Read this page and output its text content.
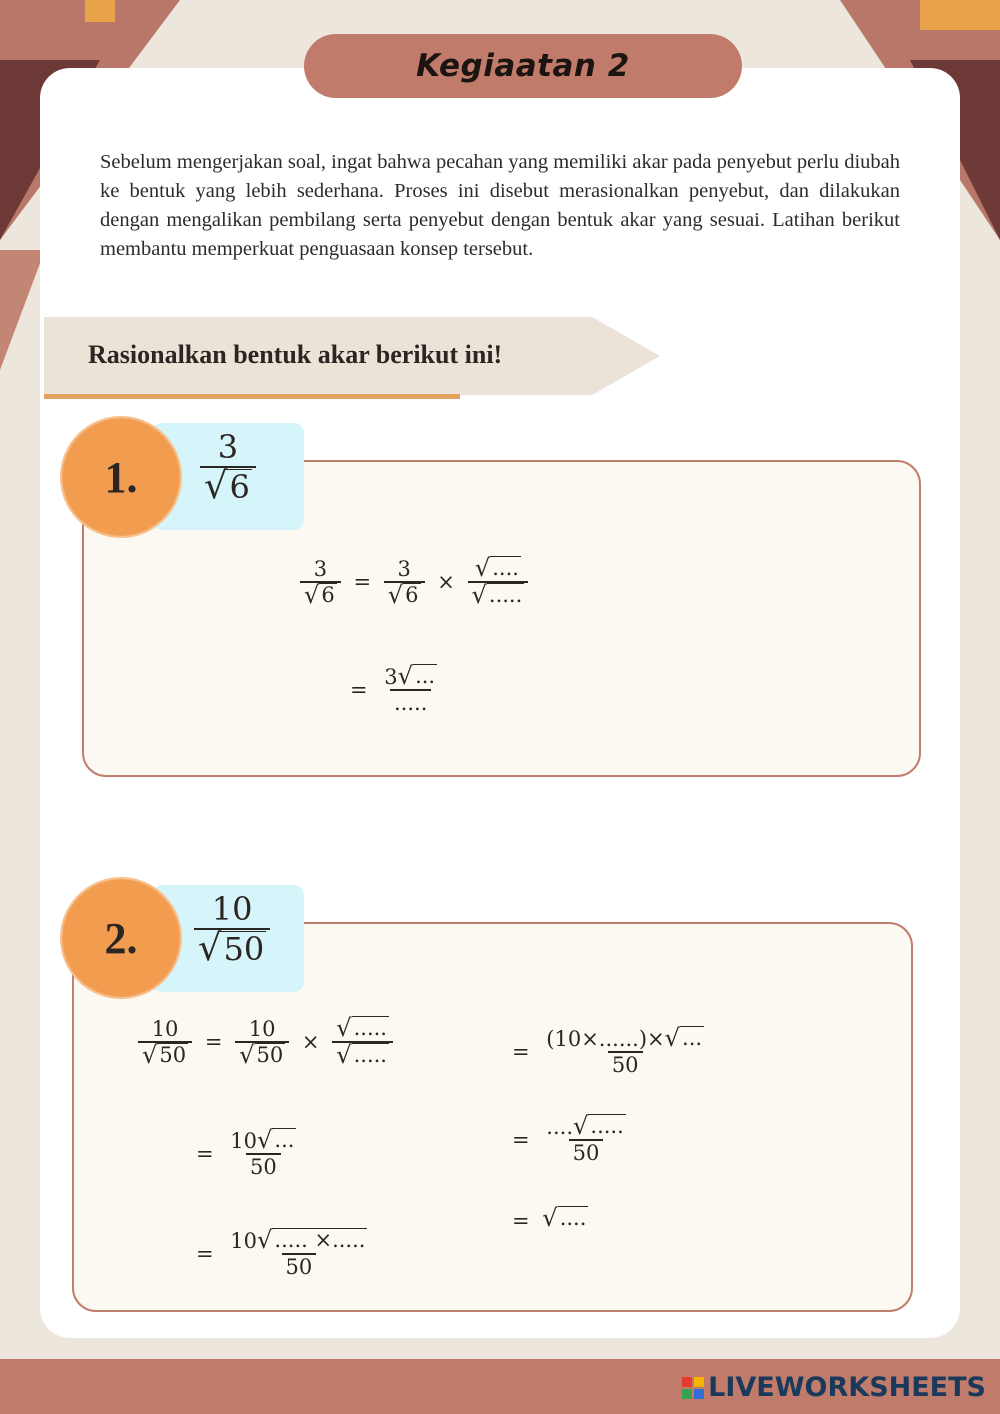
Kegiaatan 2

Sebelum mengerjakan soal, ingat bahwa pecahan yang memiliki akar pada penyebut perlu diubah ke bentuk yang lebih sederhana. Proses ini disebut merasionalkan penyebut, dan dilakukan dengan mengalikan pembilang serta penyebut dengan bentuk akar yang sesuai. Latihan berikut membantu memperkuat penguasaan konsep tersebut.

Rasionalkan bentuk akar berikut ini!
1. $\frac{3}{√ 6}$
$\frac{3}{√ 6} = \frac{3}{√ 6} \times \frac{√ ....}{√ .....}$
= $\frac{3 √ ...}{.....}$
2. $\frac{10}{√ 50}$
$\frac{10}{√ 50} = \frac{10}{√ 50} \times \frac{√ .....}{√ .....}$
= $\frac{10 √ ...}{50}$
= $\frac{10 √ ..... \times.....}{50}$
= $\frac{(10\times......)\times √ ...}{50}$
= $\frac{.... √ .....}{50}$
= √ ....
LIVEWORKSHEETS
